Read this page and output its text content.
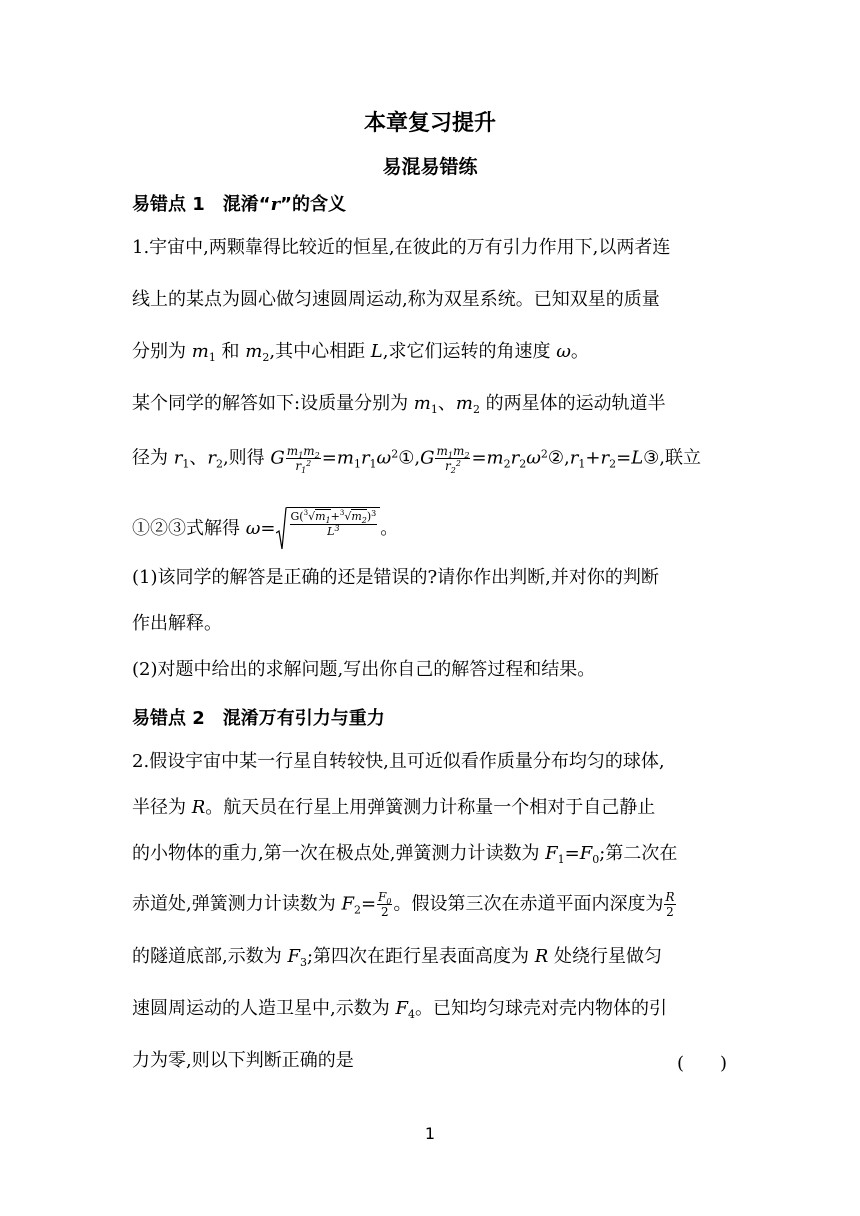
本章复习提升
易混易错练
易错点 1　混淆“r”的含义
1.宇宙中,两颗靠得比较近的恒星,在彼此的万有引力作用下,以两者连
线上的某点为圆心做匀速圆周运动,称为双星系统。已知双星的质量
分别为 $m_1$ 和 $m_2$,其中心相距 L,求它们运转的角速度 ω。
某个同学的解答如下:设质量分别为 $m_1$、$m_2$ 的两星体的运动轨道半
径为 $r_1$、$r_2$,则得 G $\frac{m_1m_2}{r_1^2}$ $=m_1r_1\omega^2①,G \frac{m_1m_2}{r_2^2}$ $=m_2r_2\omega^2②,r_1+r_2=L③$,联立
①②③式解得 $\omega= \frac{G(^3√m_1+^3√m_2)^3}{L^3}$ 。
(1)该同学的解答是正确的还是错误的?请你作出判断,并对你的判断
作出解释。
(2)对题中给出的求解问题,写出你自己的解答过程和结果。
易错点 2　混淆万有引力与重力
2.假设宇宙中某一行星自转较快,且可近似看作质量分布均匀的球体,
半径为 R。航天员在行星上用弹簧测力计称量一个相对于自己静止
的小物体的重力,第一次在极点处,弹簧测力计读数为 $F_1=F_0$;第二次在
赤道处,弹簧测力计读数为 $F_2= \frac{F_0}{2}$ 。假设第三次在赤道平面内深度为 $\frac{R}{2}$
的隧道底部,示数为 $F_3$;第四次在距行星表面高度为 R 处绕行星做匀
速圆周运动的人造卫星中,示数为 $F_4$。已知均匀球壳对壳内物体的引
力为零,则以下判断正确的是	(　　)
1
